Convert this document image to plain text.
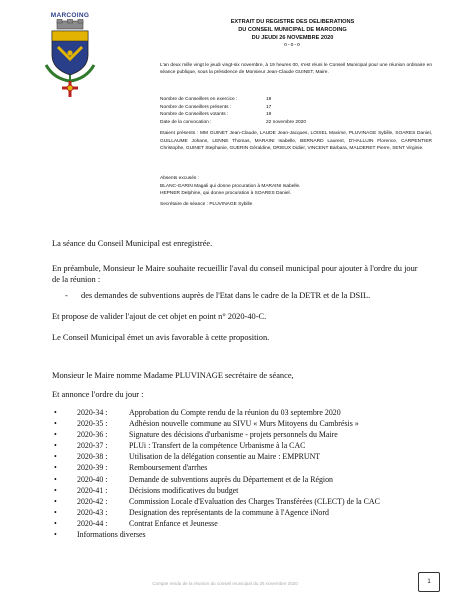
MARCOING
EXTRAIT DU REGISTRE DES DELIBERATIONS
DU CONSEIL MUNICIPAL DE MARCOING
DU JEUDI 26 NOVEMBRE 2020
o-o-o
L'an deux mille vingt le jeudi vingt-six novembre, à 19 heures 00, s'est réuni le Conseil Municipal pour une réunion ordinaire en séance publique, sous la présidence de Monsieur Jean-Claude GUINET, Maire.
Nombre de Conseillers en exercice :	19
Nombre de Conseillers présents :	17
Nombre de Conseillers votants :	19
Date de la convocation :	22 novembre 2020
Etaient présents : MM GUINET Jean-Claude, LAUDE Jean-Jacques, LOISEL Maxime, PLUVINAGE Sybille, SOARES Daniel, GUILLAUME Johann, LENNE Thomas, MARAINI Isabelle, BERNARD Laurent, D'HALLUIN Florence, CARPENTIER Christophe, GUINET Stephanie, GUERIN Géraldine, DRIEUX Didier, VINCENT Barbara, MALDERET Pierre, SENT Virginie.
Absents excusés :
BLANC-GARIN Magali qui donne procuration à MARAINI Isabelle.
HEPNER Delphine, qui donne procuration à SOARES Daniel.
Secrétaire de séance : PLUVINAGE Sybille
La séance du Conseil Municipal est enregistrée.
En préambule, Monsieur le Maire souhaite recueillir l'aval du conseil municipal pour ajouter à l'ordre du jour de la réunion :
- des demandes de subventions auprès de l'Etat dans le cadre de la DETR et de la DSIL.
Et propose de valider l'ajout de cet objet en point n° 2020-40-C.
Le Conseil Municipal émet un avis favorable à cette proposition.
Monsieur le Maire nomme Madame PLUVINAGE secrétaire de séance,
Et annonce l'ordre du jour :
•	2020-34 :	Approbation du Compte rendu de la réunion du 03 septembre 2020
•	2020-35 :	Adhésion nouvelle commune au SIVU « Murs Mitoyens du Cambrésis »
•	2020-36 :	Signature des décisions d'urbanisme - projets personnels du Maire
•	2020-37 :	PLUi : Transfert de la compétence Urbanisme à la CAC
•	2020-38 :	Utilisation de la délégation consentie au Maire : EMPRUNT
•	2020-39 :	Remboursement d'arrhes
•	2020-40 :	Demande de subventions auprès du Département et de la Région
•	2020-41 :	Décisions modificatives du budget
•	2020-42 :	Commission Locale d'Evaluation des Charges Transférées (CLECT) de la CAC
•	2020-43 :	Designation des représentants de la commune à l'Agence iNord
•	2020-44 :	Contrat Enfance et Jeunesse
•	Informations diverses
Compte rendu de la réunion du conseil municipal du 26 novembre 2020	1
